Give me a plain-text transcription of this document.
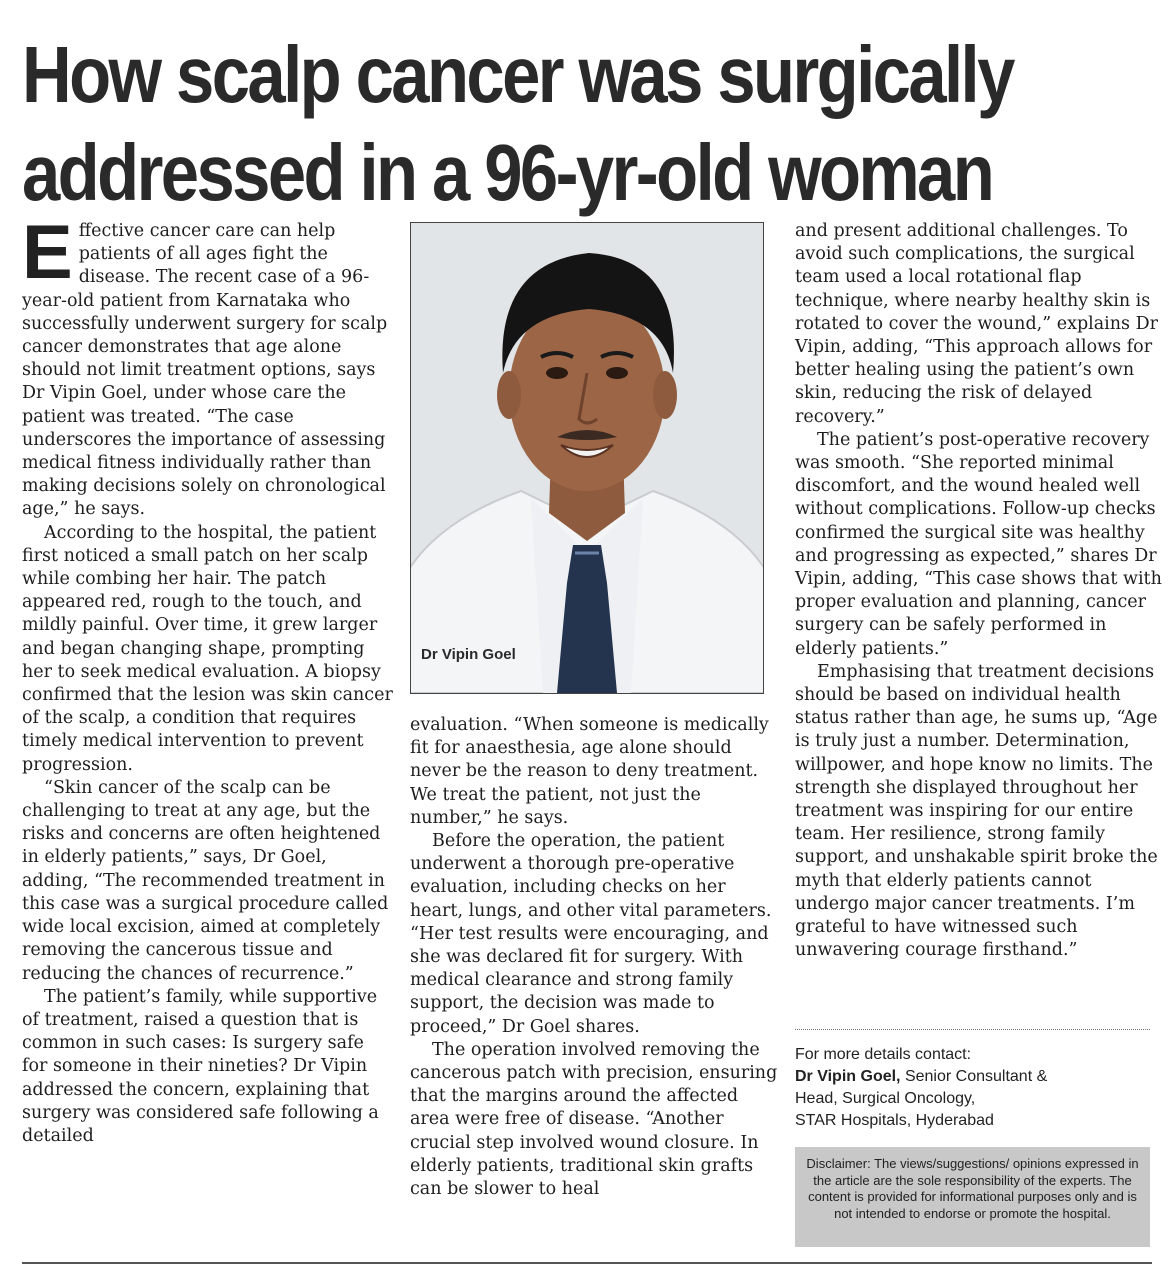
How scalp cancer was surgically
addressed in a 96-yr-old woman

Effective cancer care can help patients of all ages fight the disease. The recent case of a 96-year-old patient from Karnataka who successfully underwent surgery for scalp cancer demonstrates that age alone should not limit treatment options, says Dr Vipin Goel, under whose care the patient was treated. “The case underscores the importance of assessing medical fitness individually rather than making decisions solely on chronological age,” he says.

According to the hospital, the patient first noticed a small patch on her scalp while combing her hair. The patch appeared red, rough to the touch, and mildly painful. Over time, it grew larger and began changing shape, prompting her to seek medical evaluation. A biopsy confirmed that the lesion was skin cancer of the scalp, a condition that requires timely medical intervention to prevent progression.

“Skin cancer of the scalp can be challenging to treat at any age, but the risks and concerns are often heightened in elderly patients,” says, Dr Goel, adding, “The recommended treatment in this case was a surgical procedure called wide local excision, aimed at completely removing the cancerous tissue and reducing the chances of recurrence.”

The patient’s family, while supportive of treatment, raised a question that is common in such cases: Is surgery safe for someone in their nineties? Dr Vipin addressed the concern, explaining that surgery was considered safe following a detailed

Dr Vipin Goel

evaluation. “When someone is medically fit for anaesthesia, age alone should never be the reason to deny treatment. We treat the patient, not just the number,” he says.

Before the operation, the patient underwent a thorough pre-operative evaluation, including checks on her heart, lungs, and other vital parameters. “Her test results were encouraging, and she was declared fit for surgery. With medical clearance and strong family support, the decision was made to proceed,” Dr Goel shares.

The operation involved removing the cancerous patch with precision, ensuring that the margins around the affected area were free of disease. “Another crucial step involved wound closure. In elderly patients, traditional skin grafts can be slower to heal

and present additional challenges. To avoid such complications, the surgical team used a local rotational flap technique, where nearby healthy skin is rotated to cover the wound,” explains Dr Vipin, adding, “This approach allows for better healing using the patient’s own skin, reducing the risk of delayed recovery.”

The patient’s post-operative recovery was smooth. “She reported minimal discomfort, and the wound healed well without complications. Follow-up checks confirmed the surgical site was healthy and progressing as expected,” shares Dr Vipin, adding, “This case shows that with proper evaluation and planning, cancer surgery can be safely performed in elderly patients.”

Emphasising that treatment decisions should be based on individual health status rather than age, he sums up, “Age is truly just a number. Determination, willpower, and hope know no limits. The strength she displayed throughout her treatment was inspiring for our entire team. Her resilience, strong family support, and unshakable spirit broke the myth that elderly patients cannot undergo major cancer treatments. I’m grateful to have witnessed such unwavering courage firsthand.”

For more details contact:
Dr Vipin Goel, Senior Consultant &
Head, Surgical Oncology,
STAR Hospitals, Hyderabad
Disclaimer: The views/suggestions/ opinions expressed in the article are the sole responsibility of the experts. The content is provided for informational purposes only and is not intended to endorse or promote the hospital.
